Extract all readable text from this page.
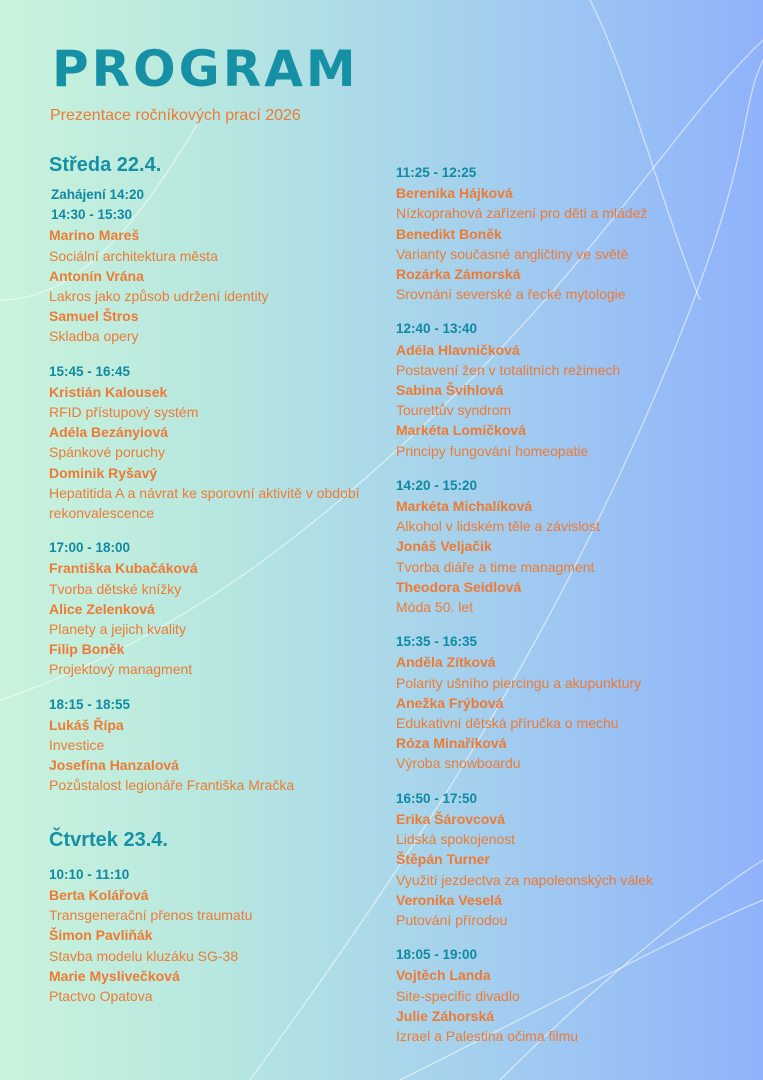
PROGRAM
Prezentace ročníkových prací 2026
Středa 22.4.
Zahájení 14:20
14:30 - 15:30
Marino Mareš
Sociální architektura města
Antonín Vrána
Lakros jako způsob udržení identity
Samuel Štros
Skladba opery
15:45 - 16:45
Kristián Kalousek
RFID přístupový systém
Adéla Bezányiová
Spánkové poruchy
Dominik Ryšavý
Hepatitida A a návrat ke sporovní aktivitě v období rekonvalescence
17:00 - 18:00
Františka Kubačáková
Tvorba dětské knížky
Alice Zelenková
Planety a jejich kvality
Filip Boněk
Projektový managment
18:15 - 18:55
Lukáš Řípa
Investice
Josefína Hanzalová
Pozůstalost legionáře Františka Mračka
Čtvrtek 23.4.
10:10 - 11:10
Berta Kolářová
Transgenerační přenos traumatu
Šimon Pavliňák
Stavba modelu kluzáku SG-38
Marie Myslivečková
Ptactvo Opatova
11:25 - 12:25
Berenika Hájková
Nízkoprahová zařízení pro děti a mládež
Benedikt Boněk
Varianty současné angličtiny ve světě
Rozárka Zámorská
Srovnání severské a řecké mytologie
12:40 - 13:40
Adéla Hlavničková
Postavení žen v totalitních režimech
Sabina Švihlová
Tourettův syndrom
Markéta Lomičková
Principy fungování homeopatie
14:20 - 15:20
Markéta Michalíková
Alkohol v lidském těle a závislost
Jonáš Veljačik
Tvorba diáře a time managment
Theodora Seidlová
Móda 50. let
15:35 - 16:35
Anděla Zítková
Polarity ušního piercingu a akupunktury
Anežka Frýbová
Edukativní dětská příručka o mechu
Róza Minaříková
Výroba snowboardu
16:50 - 17:50
Erika Šárovcová
Lidská spokojenost
Štěpán Turner
Využití jezdectva za napoleonských válek
Veronika Veselá
Putování přírodou
18:05 - 19:00
Vojtěch Landa
Site-specific divadlo
Julie Záhorská
Izrael a Palestina očima filmu
